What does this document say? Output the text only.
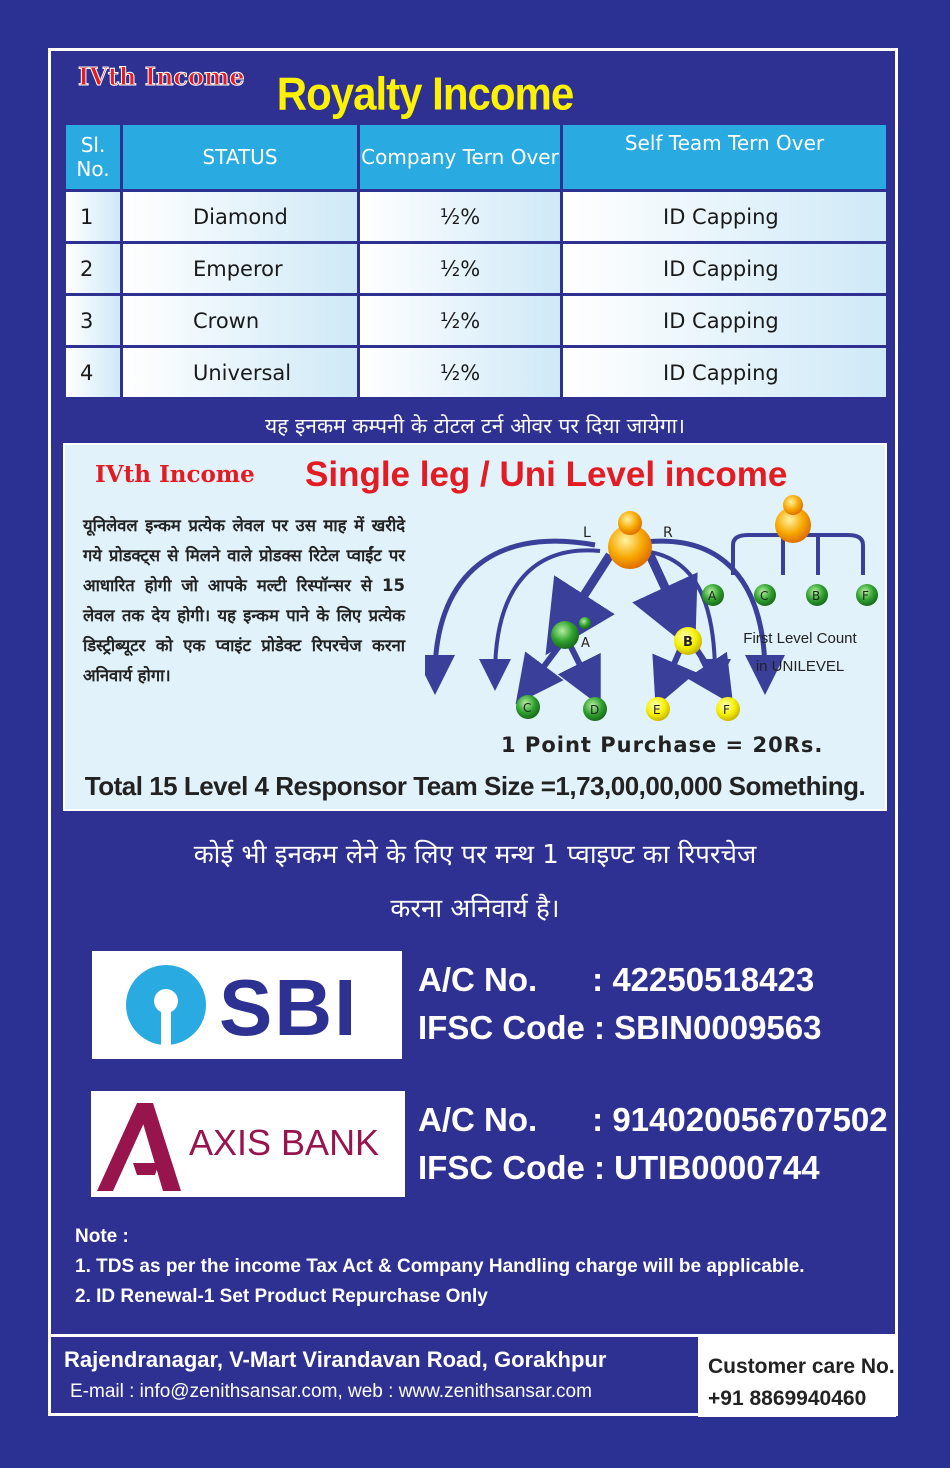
IVth Income Royalty Income
Sl. No.	STATUS	Company Tern Over	Self Team Tern Over
1	Diamond	½%	ID Capping
2	Emperor	½%	ID Capping
3	Crown	½%	ID Capping
4	Universal	½%	ID Capping
यह इनकम कम्पनी के टोटल टर्न ओवर पर दिया जायेगा।
IVth Income Single leg / Uni Level income
यूनिलेवल इन्कम प्रत्येक लेवल पर उस माह में खरीदे गये प्रोडक्ट्स से मिलने वाले प्रोडक्स रिटेल प्वाईंट पर आधारित होगी जो आपके मल्टी रिस्पॉन्सर से 15 लेवल तक देय होगी। यह इन्कम पाने के लिए प्रत्येक डिस्ट्रीब्यूटर को एक प्वाइंट प्रोडेक्ट रिपरचेज करना अनिवार्य होगा।
L	R
A	B
C	D	E	F
A	C	B	F
First Level Count
in UNILEVEL
1 Point Purchase = 20Rs.
Total 15 Level 4 Responsor Team Size =1,73,00,00,000 Something.
कोई भी इनकम लेने के लिए पर मन्थ 1 प्वाइण्ट का रिपरचेज
करना अनिवार्य है।
SBI A/C No.      : 42250518423
IFSC Code : SBIN0009563
AXIS BANK
A/C No.      : 914020056707502
IFSC Code : UTIB0000744
Note :
1. TDS as per the income Tax Act & Company Handling charge will be applicable.
2. ID Renewal-1 Set Product Repurchase Only
Rajendranagar, V-Mart Virandavan Road, Gorakhpur
E-mail : info@zenithsansar.com, web : www.zenithsansar.com
Customer care No.
+91 8869940460
